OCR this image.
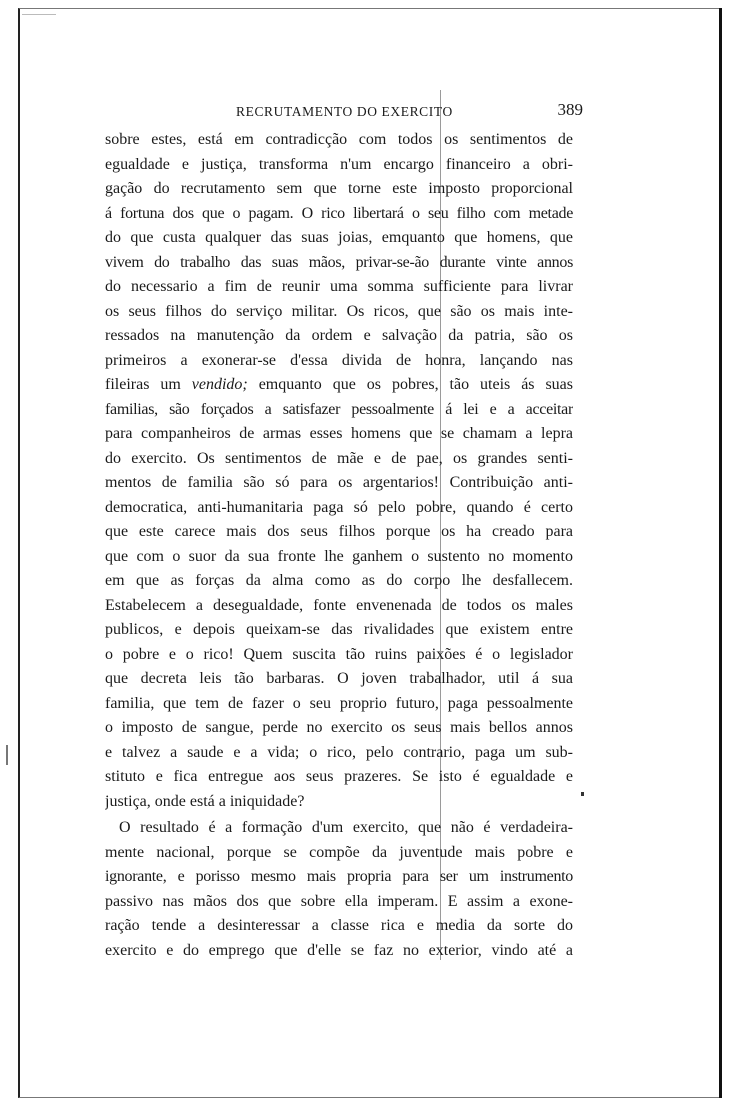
RECRUTAMENTO DO EXERCITO	389
sobre estes, está em contradicção com todos os sentimentos de
egualdade e justiça, transforma n'um encargo financeiro a obri-
gação do recrutamento sem que torne este imposto proporcional
á fortuna dos que o pagam. O rico libertará o seu filho com metade
do que custa qualquer das suas joias, emquanto que homens, que
vivem do trabalho das suas mãos, privar-se-ão durante vinte annos
do necessario a fim de reunir uma somma sufficiente para livrar
os seus filhos do serviço militar. Os ricos, que são os mais inte-
ressados na manutenção da ordem e salvação da patria, são os
primeiros a exonerar-se d'essa divida de honra, lançando nas
fileiras um vendido; emquanto que os pobres, tão uteis ás suas
familias, são forçados a satisfazer pessoalmente á lei e a acceitar
para companheiros de armas esses homens que se chamam a lepra
do exercito. Os sentimentos de mãe e de pae, os grandes senti-
mentos de familia são só para os argentarios! Contribuição anti-
democratica, anti-humanitaria paga só pelo pobre, quando é certo
que este carece mais dos seus filhos porque os ha creado para
que com o suor da sua fronte lhe ganhem o sustento no momento
em que as forças da alma como as do corpo lhe desfallecem.
Estabelecem a desegualdade, fonte envenenada de todos os males
publicos, e depois queixam-se das rivalidades que existem entre
o pobre e o rico! Quem suscita tão ruins paixões é o legislador
que decreta leis tão barbaras. O joven trabalhador, util á sua
familia, que tem de fazer o seu proprio futuro, paga pessoalmente
o imposto de sangue, perde no exercito os seus mais bellos annos
e talvez a saude e a vida; o rico, pelo contrario, paga um sub-
stituto e fica entregue aos seus prazeres. Se isto é egualdade e
justiça, onde está a iniquidade?
O resultado é a formação d'um exercito, que não é verdadeira-
mente nacional, porque se compõe da juventude mais pobre e
ignorante, e porisso mesmo mais propria para ser um instrumento
passivo nas mãos dos que sobre ella imperam. E assim a exone-
ração tende a desinteressar a classe rica e media da sorte do
exercito e do emprego que d'elle se faz no exterior, vindo até a
